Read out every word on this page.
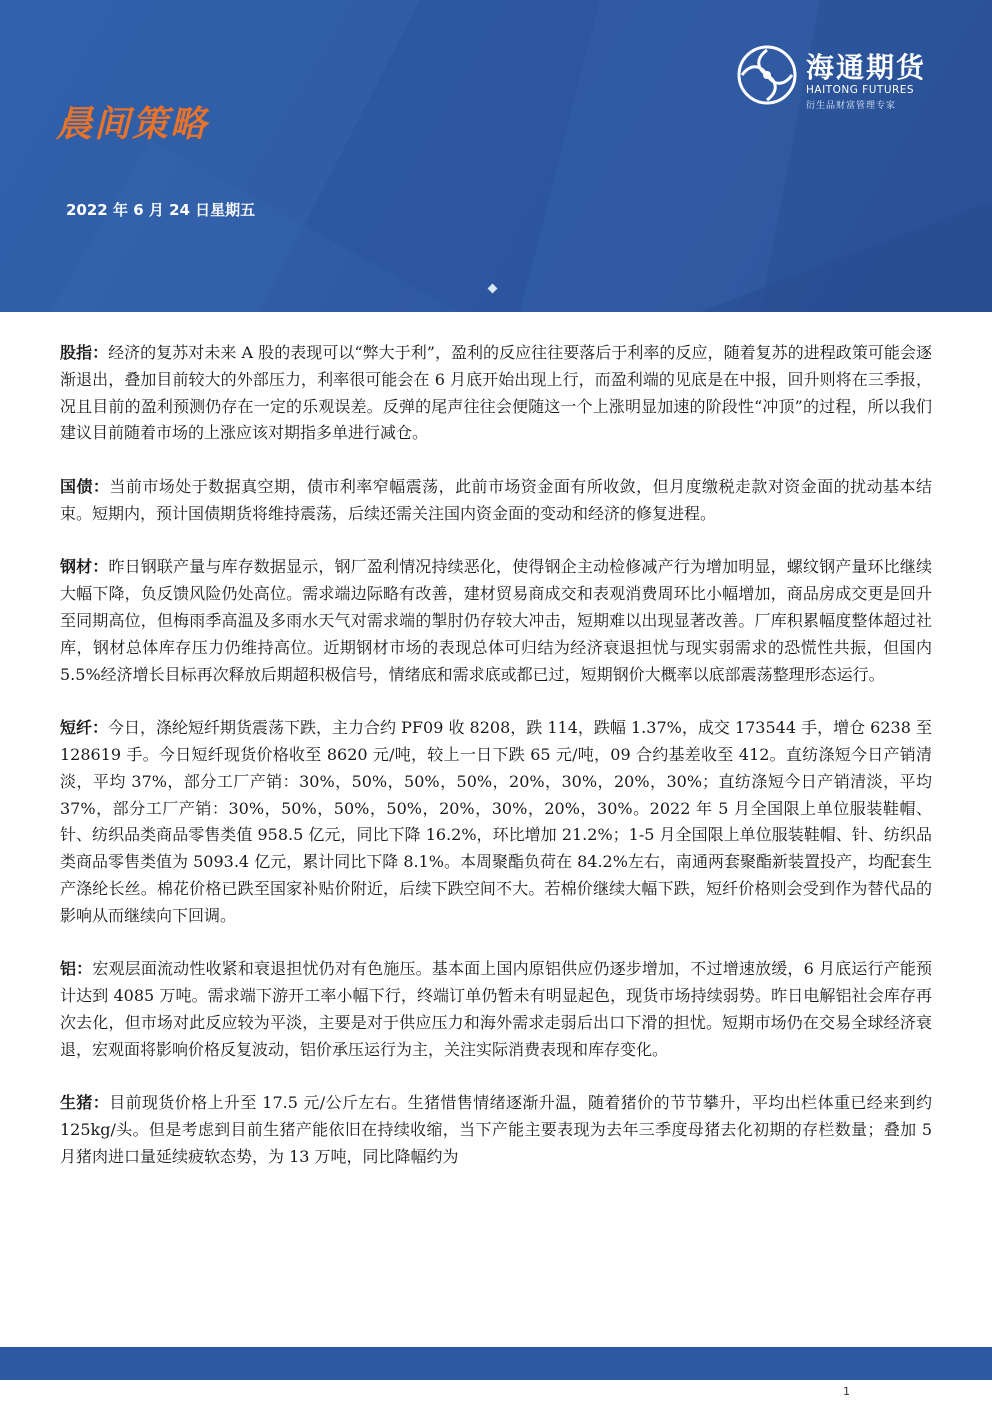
晨间策略
2022 年 6 月 24 日星期五
海通期货
HAITONG FUTURES
衍生品财富管理专家

股指：经济的复苏对未来 A 股的表现可以“弊大于利”，盈利的反应往往要落后于利率的反应，随着复苏的进程政策可能会逐渐退出，叠加目前较大的外部压力，利率很可能会在 6 月底开始出现上行，而盈利端的见底是在中报，回升则将在三季报，况且目前的盈利预测仍存在一定的乐观误差。反弹的尾声往往会便随这一个上涨明显加速的阶段性“冲顶”的过程，所以我们建议目前随着市场的上涨应该对期指多单进行减仓。

国债：当前市场处于数据真空期，债市利率窄幅震荡，此前市场资金面有所收敛，但月度缴税走款对资金面的扰动基本结束。短期内，预计国债期货将维持震荡，后续还需关注国内资金面的变动和经济的修复进程。

钢材：昨日钢联产量与库存数据显示，钢厂盈利情况持续恶化，使得钢企主动检修减产行为增加明显，螺纹钢产量环比继续大幅下降，负反馈风险仍处高位。需求端边际略有改善，建材贸易商成交和表观消费周环比小幅增加，商品房成交更是回升至同期高位，但梅雨季高温及多雨水天气对需求端的掣肘仍存较大冲击，短期难以出现显著改善。厂库积累幅度整体超过社库，钢材总体库存压力仍维持高位。近期钢材市场的表现总体可归结为经济衰退担忧与现实弱需求的恐慌性共振，但国内 5.5%经济增长目标再次释放后期超积极信号，情绪底和需求底或都已过，短期钢价大概率以底部震荡整理形态运行。

短纤：今日，涤纶短纤期货震荡下跌，主力合约 PF09 收 8208，跌 114，跌幅 1.37%，成交 173544 手，增仓 6238 至 128619 手。今日短纤现货价格收至 8620 元/吨，较上一日下跌 65 元/吨，09 合约基差收至 412。直纺涤短今日产销清淡，平均 37%，部分工厂产销：30%，50%，50%，50%，20%，30%，20%，30%；直纺涤短今日产销清淡，平均 37%，部分工厂产销：30%，50%，50%，50%，20%，30%，20%，30%。2022 年 5 月全国限上单位服装鞋帽、针、纺织品类商品零售类值 958.5 亿元，同比下降 16.2%，环比增加 21.2%；1-5 月全国限上单位服装鞋帽、针、纺织品类商品零售类值为 5093.4 亿元，累计同比下降 8.1%。本周聚酯负荷在 84.2%左右，南通两套聚酯新装置投产，均配套生产涤纶长丝。棉花价格已跌至国家补贴价附近，后续下跌空间不大。若棉价继续大幅下跌，短纤价格则会受到作为替代品的影响从而继续向下回调。

铝：宏观层面流动性收紧和衰退担忧仍对有色施压。基本面上国内原铝供应仍逐步增加，不过增速放缓，6 月底运行产能预计达到 4085 万吨。需求端下游开工率小幅下行，终端订单仍暂未有明显起色，现货市场持续弱势。昨日电解铝社会库存再次去化，但市场对此反应较为平淡，主要是对于供应压力和海外需求走弱后出口下滑的担忧。短期市场仍在交易全球经济衰退，宏观面将影响价格反复波动，铝价承压运行为主，关注实际消费表现和库存变化。

生猪：目前现货价格上升至 17.5 元/公斤左右。生猪惜售情绪逐渐升温，随着猪价的节节攀升，平均出栏体重已经来到约 125kg/头。但是考虑到目前生猪产能依旧在持续收缩，当下产能主要表现为去年三季度母猪去化初期的存栏数量；叠加 5 月猪肉进口量延续疲软态势，为 13 万吨，同比降幅约为

1
